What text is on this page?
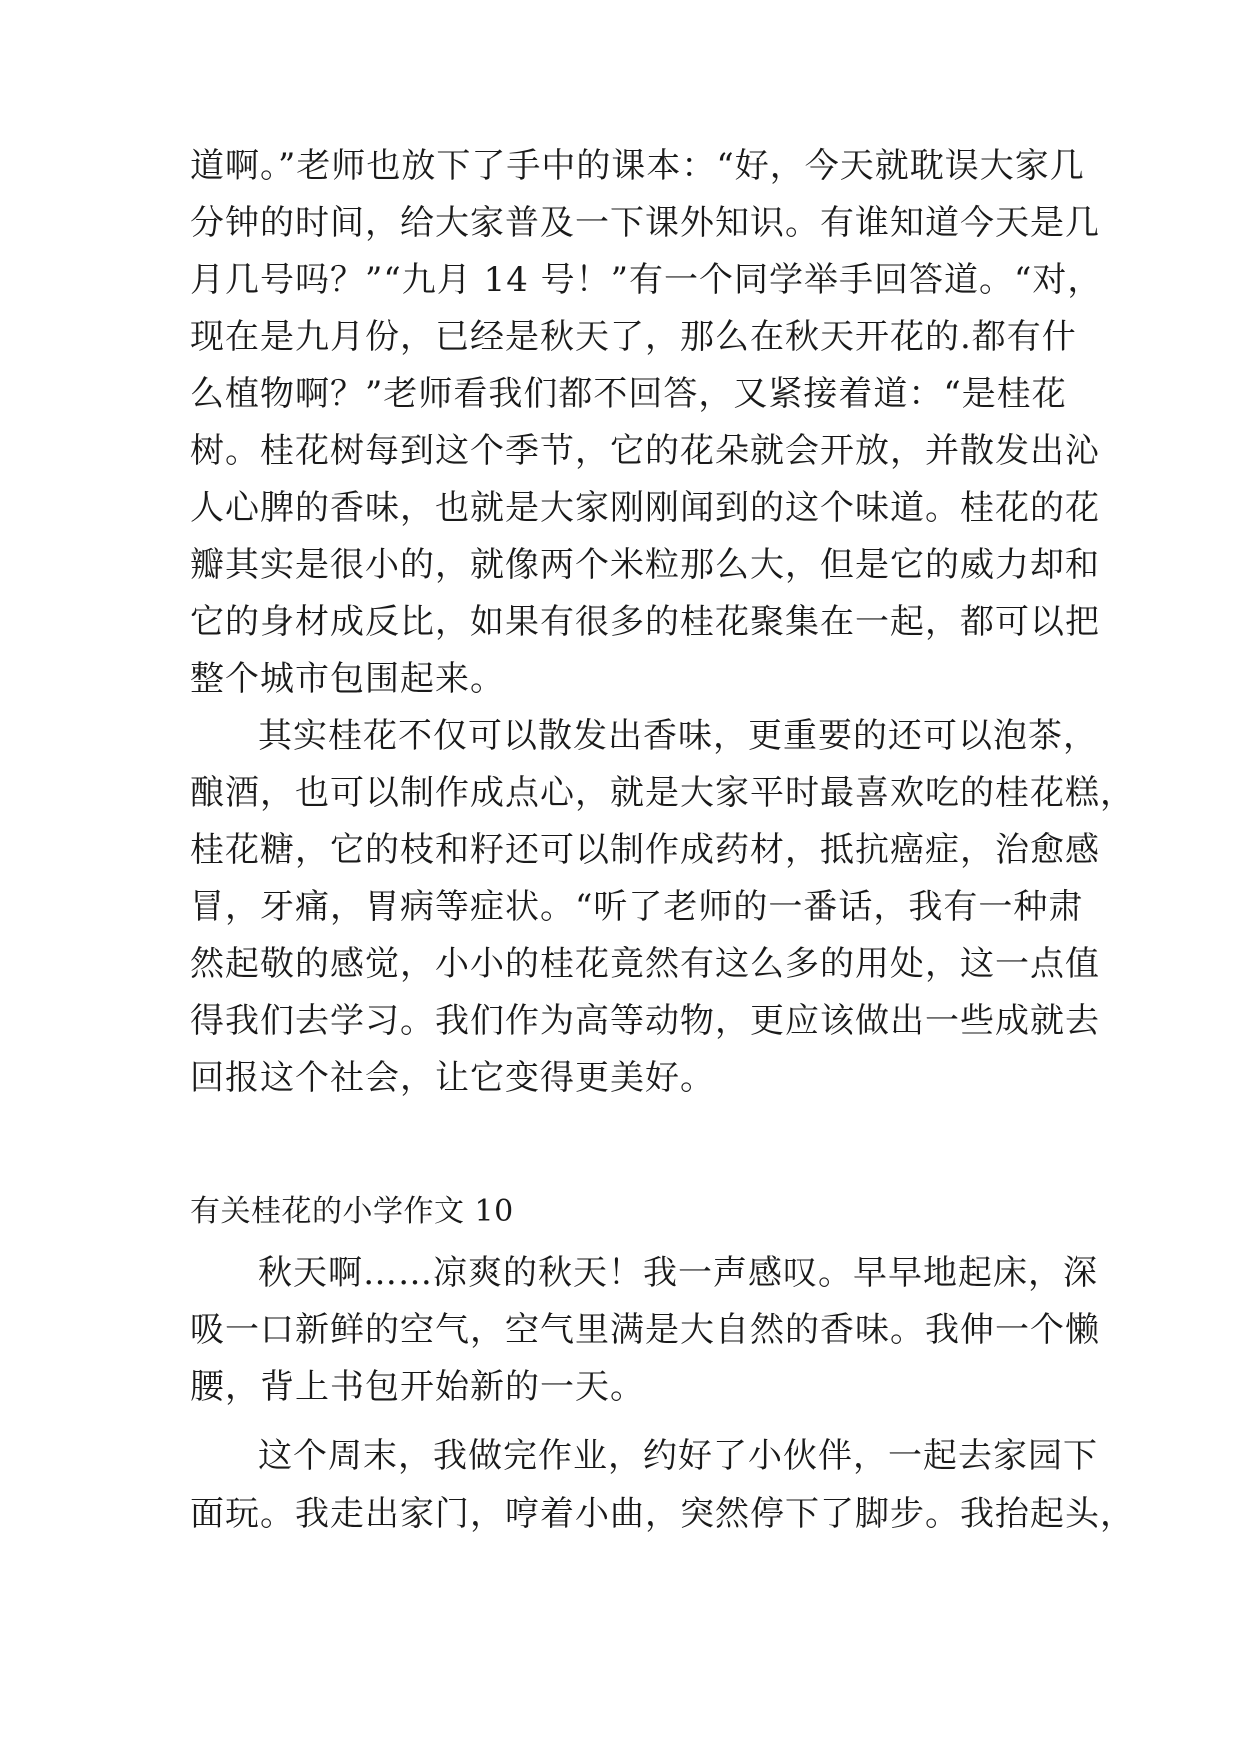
道啊。”老师也放下了手中的课本：“好，今天就耽误大家几
分钟的时间，给大家普及一下课外知识。有谁知道今天是几
月几号吗？”“九月 14 号！”有一个同学举手回答道。“对，
现在是九月份，已经是秋天了，那么在秋天开花的.都有什
么植物啊？”老师看我们都不回答，又紧接着道：“是桂花
树。桂花树每到这个季节，它的花朵就会开放，并散发出沁
人心脾的香味，也就是大家刚刚闻到的这个味道。桂花的花
瓣其实是很小的，就像两个米粒那么大，但是它的威力却和
它的身材成反比，如果有很多的桂花聚集在一起，都可以把
整个城市包围起来。
其实桂花不仅可以散发出香味，更重要的还可以泡茶，
酿酒，也可以制作成点心，就是大家平时最喜欢吃的桂花糕，
桂花糖，它的枝和籽还可以制作成药材，抵抗癌症，治愈感
冒，牙痛，胃病等症状。“听了老师的一番话，我有一种肃
然起敬的感觉，小小的桂花竟然有这么多的用处，这一点值
得我们去学习。我们作为高等动物，更应该做出一些成就去
回报这个社会，让它变得更美好。
有关桂花的小学作文 10
秋天啊……凉爽的秋天！我一声感叹。早早地起床，深
吸一口新鲜的空气，空气里满是大自然的香味。我伸一个懒
腰，背上书包开始新的一天。
这个周末，我做完作业，约好了小伙伴，一起去家园下
面玩。我走出家门，哼着小曲，突然停下了脚步。我抬起头，
